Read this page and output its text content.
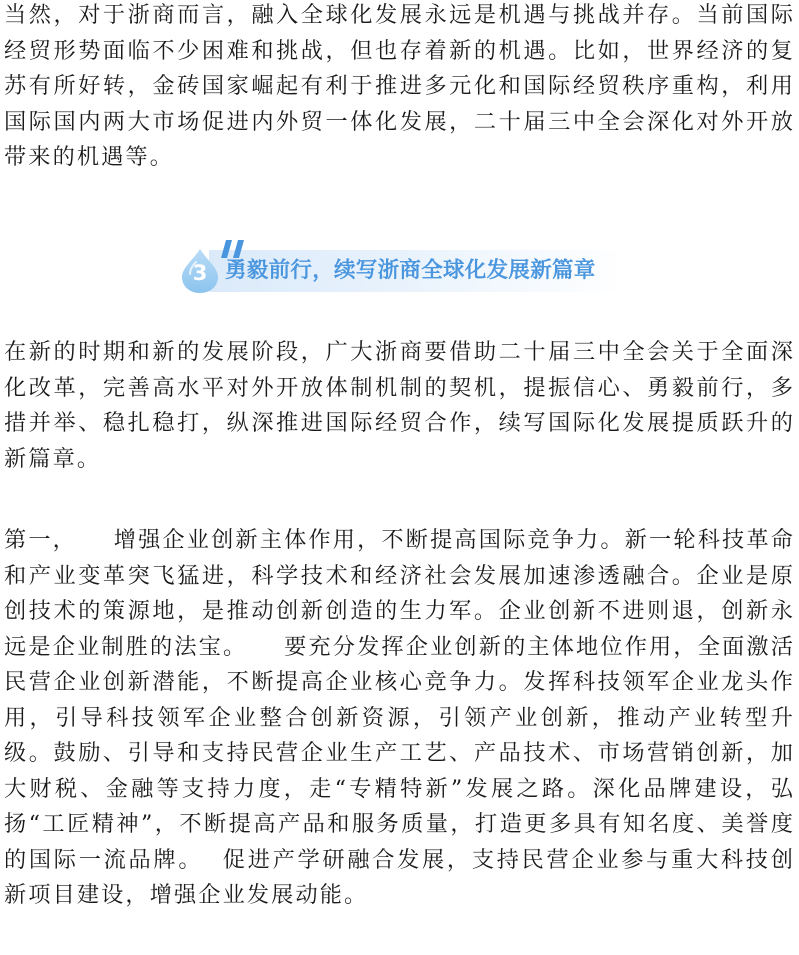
当然，对于浙商而言，融入全球化发展永远是机遇与挑战并存。当前国际经贸形势面临不少困难和挑战，但也存着新的机遇。比如，世界经济的复苏有所好转，金砖国家崛起有利于推进多元化和国际经贸秩序重构，利用国际国内两大市场促进内外贸一体化发展，二十届三中全会深化对外开放带来的机遇等。

3 勇毅前行，续写浙商全球化发展新篇章

在新的时期和新的发展阶段，广大浙商要借助二十届三中全会关于全面深化改革，完善高水平对外开放体制机制的契机，提振信心、勇毅前行，多措并举、稳扎稳打，纵深推进国际经贸合作，续写国际化发展提质跃升的新篇章。

第一，    增强企业创新主体作用，不断提高国际竞争力。新一轮科技革命和产业变革突飞猛进，科学技术和经济社会发展加速渗透融合。企业是原创技术的策源地，是推动创新创造的生力军。企业创新不进则退，创新永远是企业制胜的法宝。    要充分发挥企业创新的主体地位作用，全面激活民营企业创新潜能，不断提高企业核心竞争力。发挥科技领军企业龙头作用，引导科技领军企业整合创新资源，引领产业创新，推动产业转型升级。鼓励、引导和支持民营企业生产工艺、产品技术、市场营销创新，加大财税、金融等支持力度，走“专精特新”发展之路。深化品牌建设，弘扬“工匠精神”，不断提高产品和服务质量，打造更多具有知名度、美誉度的国际一流品牌。  促进产学研融合发展，支持民营企业参与重大科技创新项目建设，增强企业发展动能。
